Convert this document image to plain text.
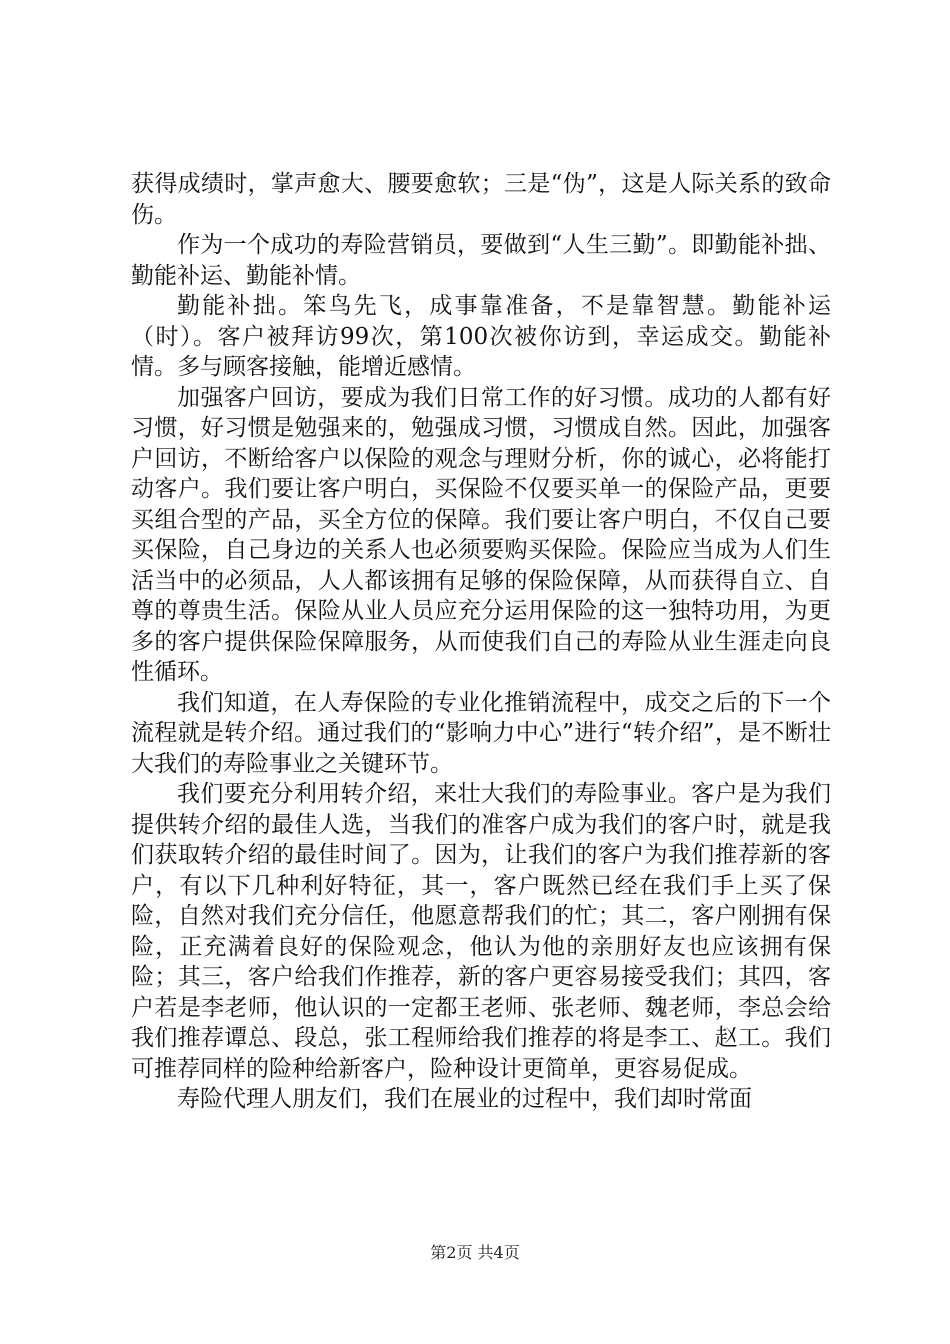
获得成绩时，掌声愈大、腰要愈软；三是“伪”，这是人际关系的致命伤。

作为一个成功的寿险营销员，要做到“人生三勤”。即勤能补拙、勤能补运、勤能补情。

勤能补拙。笨鸟先飞，成事靠准备，不是靠智慧。勤能补运（时）。客户被拜访99次，第100次被你访到，幸运成交。勤能补情。多与顾客接触，能增近感情。

加强客户回访，要成为我们日常工作的好习惯。成功的人都有好习惯，好习惯是勉强来的，勉强成习惯，习惯成自然。因此，加强客户回访，不断给客户以保险的观念与理财分析，你的诚心，必将能打动客户。我们要让客户明白，买保险不仅要买单一的保险产品，更要买组合型的产品，买全方位的保障。我们要让客户明白，不仅自己要买保险，自己身边的关系人也必须要购买保险。保险应当成为人们生活当中的必须品，人人都该拥有足够的保险保障，从而获得自立、自尊的尊贵生活。保险从业人员应充分运用保险的这一独特功用，为更多的客户提供保险保障服务，从而使我们自己的寿险从业生涯走向良性循环。

我们知道，在人寿保险的专业化推销流程中，成交之后的下一个流程就是转介绍。通过我们的“影响力中心”进行“转介绍”，是不断壮大我们的寿险事业之关键环节。

我们要充分利用转介绍，来壮大我们的寿险事业。客户是为我们提供转介绍的最佳人选，当我们的准客户成为我们的客户时，就是我们获取转介绍的最佳时间了。因为，让我们的客户为我们推荐新的客户，有以下几种利好特征，其一，客户既然已经在我们手上买了保险，自然对我们充分信任，他愿意帮我们的忙；其二，客户刚拥有保险，正充满着良好的保险观念，他认为他的亲朋好友也应该拥有保险；其三，客户给我们作推荐，新的客户更容易接受我们；其四，客户若是李老师，他认识的一定都王老师、张老师、魏老师，李总会给我们推荐谭总、段总，张工程师给我们推荐的将是李工、赵工。我们可推荐同样的险种给新客户，险种设计更简单，更容易促成。

寿险代理人朋友们，我们在展业的过程中，我们却时常面

第2页 共4页
